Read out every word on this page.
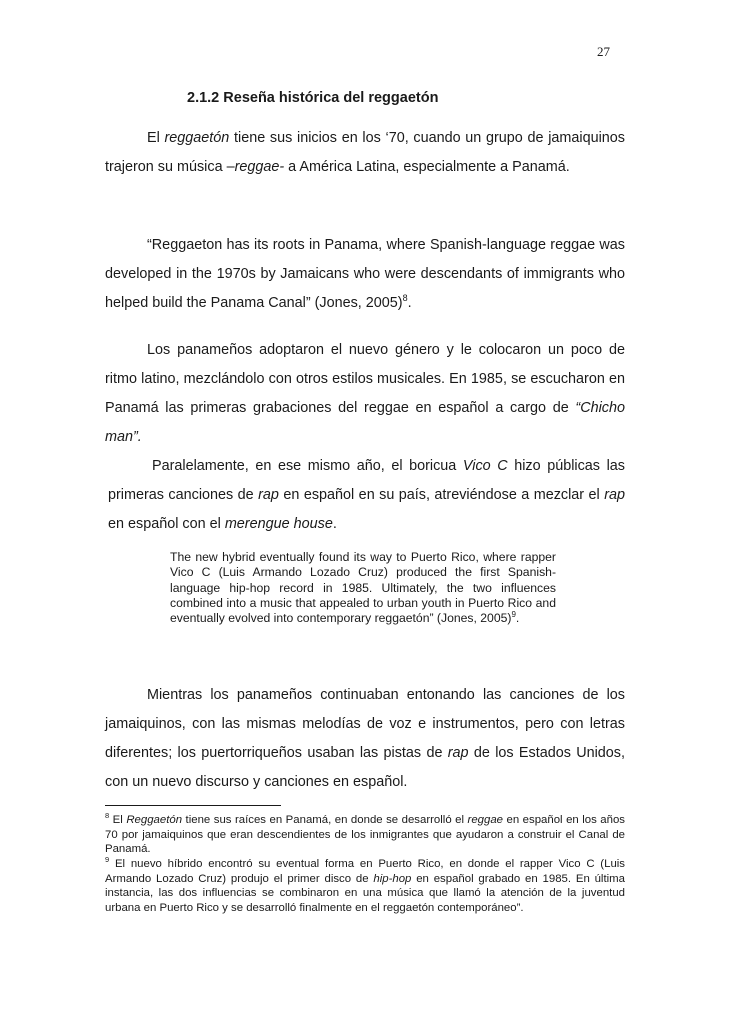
27
2.1.2 Reseña histórica del reggaetón

El reggaetón tiene sus inicios en los ‘70, cuando un grupo de jamaiquinos trajeron su música –reggae- a América Latina, especialmente a Panamá.

“Reggaeton has its roots in Panama, where Spanish-language reggae was developed in the 1970s by Jamaicans who were descendants of immigrants who helped build the Panama Canal” (Jones, 2005)$^8$.

Los panameños adoptaron el nuevo género y le colocaron un poco de ritmo latino, mezclándolo con otros estilos musicales. En 1985, se escucharon en Panamá las primeras grabaciones del reggae en español a cargo de “Chicho man”.

Paralelamente, en ese mismo año, el boricua Vico C hizo públicas las primeras canciones de rap en español en su país, atreviéndose a mezclar el rap en español con el merengue house.

The new hybrid eventually found its way to Puerto Rico, where rapper Vico C (Luis Armando Lozado Cruz) produced the first Spanish-language hip-hop record in 1985. Ultimately, the two influences combined into a music that appealed to urban youth in Puerto Rico and eventually evolved into contemporary reggaetón” (Jones, 2005)$^9$.

Mientras los panameños continuaban entonando las canciones de los jamaiquinos, con las mismas melodías de voz e instrumentos, pero con letras diferentes; los puertorriqueños usaban las pistas de rap de los Estados Unidos, con un nuevo discurso y canciones en español.

$^8$ El Reggaetón tiene sus raíces en Panamá, en donde se desarrolló el reggae en español en los años 70 por jamaiquinos que eran descendientes de los inmigrantes que ayudaron a construir el Canal de Panamá.

$^9$ El nuevo híbrido encontró su eventual forma en Puerto Rico, en donde el rapper Vico C (Luis Armando Lozado Cruz) produjo el primer disco de hip-hop en español grabado en 1985. En última instancia, las dos influencias se combinaron en una música que llamó la atención de la juventud urbana en Puerto Rico y se desarrolló finalmente en el reggaetón contemporáneo”.
